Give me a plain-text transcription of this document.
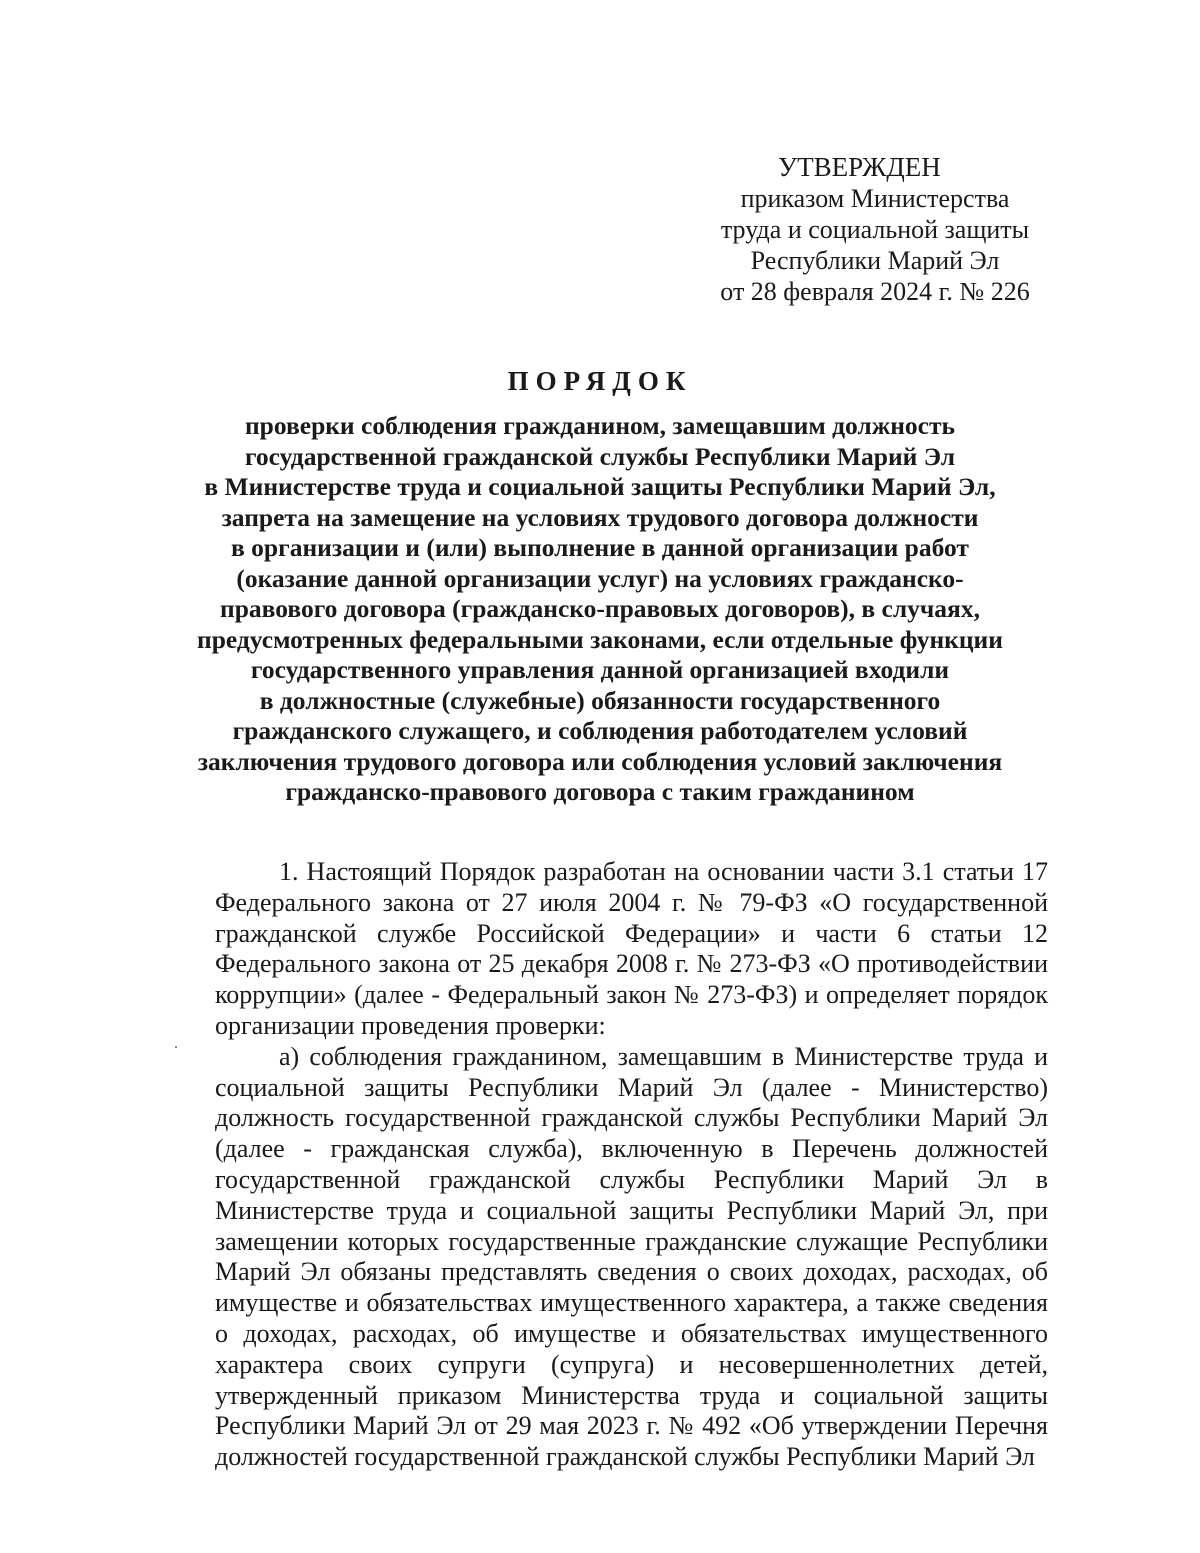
УТВЕРЖДЕН
приказом Министерства
труда и социальной защиты
Республики Марий Эл
от 28 февраля 2024 г. № 226
ПОРЯДОК
проверки соблюдения гражданином, замещавшим должность
государственной гражданской службы Республики Марий Эл
в Министерстве труда и социальной защиты Республики Марий Эл,
запрета на замещение на условиях трудового договора должности
в организации и (или) выполнение в данной организации работ
(оказание данной организации услуг) на условиях гражданско-
правового договора (гражданско-правовых договоров), в случаях,
предусмотренных федеральными законами, если отдельные функции
государственного управления данной организацией входили
в должностные (служебные) обязанности государственного
гражданского служащего, и соблюдения работодателем условий
заключения трудового договора или соблюдения условий заключения
гражданско-правового договора с таким гражданином

1. Настоящий Порядок разработан на основании части 3.1 статьи 17 Федерального закона от 27 июля 2004 г. № 79-ФЗ «О государственной гражданской службе Российской Федерации» и части 6 статьи 12 Федерального закона от 25 декабря 2008 г. № 273-ФЗ «О противодействии коррупции» (далее - Федеральный закон № 273-ФЗ) и определяет порядок организации проведения проверки:

а) соблюдения гражданином, замещавшим в Министерстве труда и социальной защиты Республики Марий Эл (далее - Министерство) должность государственной гражданской службы Республики Марий Эл (далее - гражданская служба), включенную в Перечень должностей государственной гражданской службы Республики Марий Эл в Министерстве труда и социальной защиты Республики Марий Эл, при замещении которых государственные гражданские служащие Республики Марий Эл обязаны представлять сведения о своих доходах, расходах, об имуществе и обязательствах имущественного характера, а также сведения о доходах, расходах, об имуществе и обязательствах имущественного характера своих супруги (супруга) и несовершеннолетних детей, утвержденный приказом Министерства труда и социальной защиты Республики Марий Эл от 29 мая 2023 г. № 492 «Об утверждении Перечня должностей государственной гражданской службы Республики Марий Эл
